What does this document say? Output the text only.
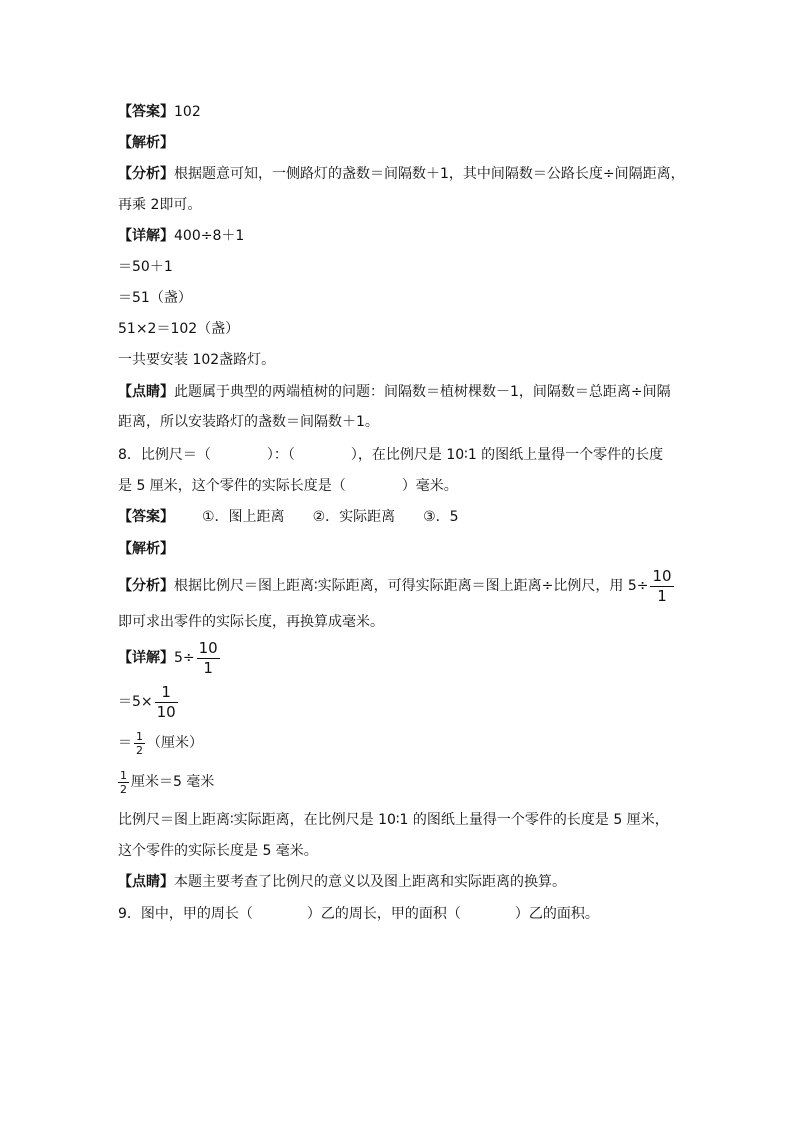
【答案】102
【解析】
【分析】根据题意可知，一侧路灯的盏数＝间隔数＋1，其中间隔数＝公路长度÷间隔距离，
再乘 2即可。
【详解】400÷8＋1
＝50＋1
＝51（盏）
51×2＝102（盏）
一共要安装 102盏路灯。
【点睛】此题属于典型的两端植树的问题：间隔数＝植树棵数－1，间隔数＝总距离÷间隔
距离，所以安装路灯的盏数＝间隔数＋1。
8．比例尺＝（	）：（	），在比例尺是 10∶1 的图纸上量得一个零件的长度
是 5 厘米，这个零件的实际长度是（	）毫米。
【答案】 ①．图上距离 ②．实际距离 ③．5
【解析】
【分析】根据比例尺＝图上距离∶实际距离，可得实际距离＝图上距离÷比例尺，用 $5\div \frac{10}{1}$
即可求出零件的实际长度，再换算成毫米。
【详解】$5\div \frac{10}{1}$
$=5\times \frac{1}{10}$
＝ $\frac{1}{2}$ （厘米）
$\frac{1}{2}$ 厘米＝5 毫米
比例尺＝图上距离∶实际距离，在比例尺是 10∶1 的图纸上量得一个零件的长度是 5 厘米，
这个零件的实际长度是 5 毫米。
【点睛】本题主要考查了比例尺的意义以及图上距离和实际距离的换算。
9．图中，甲的周长（	）乙的周长，甲的面积（	）乙的面积。
